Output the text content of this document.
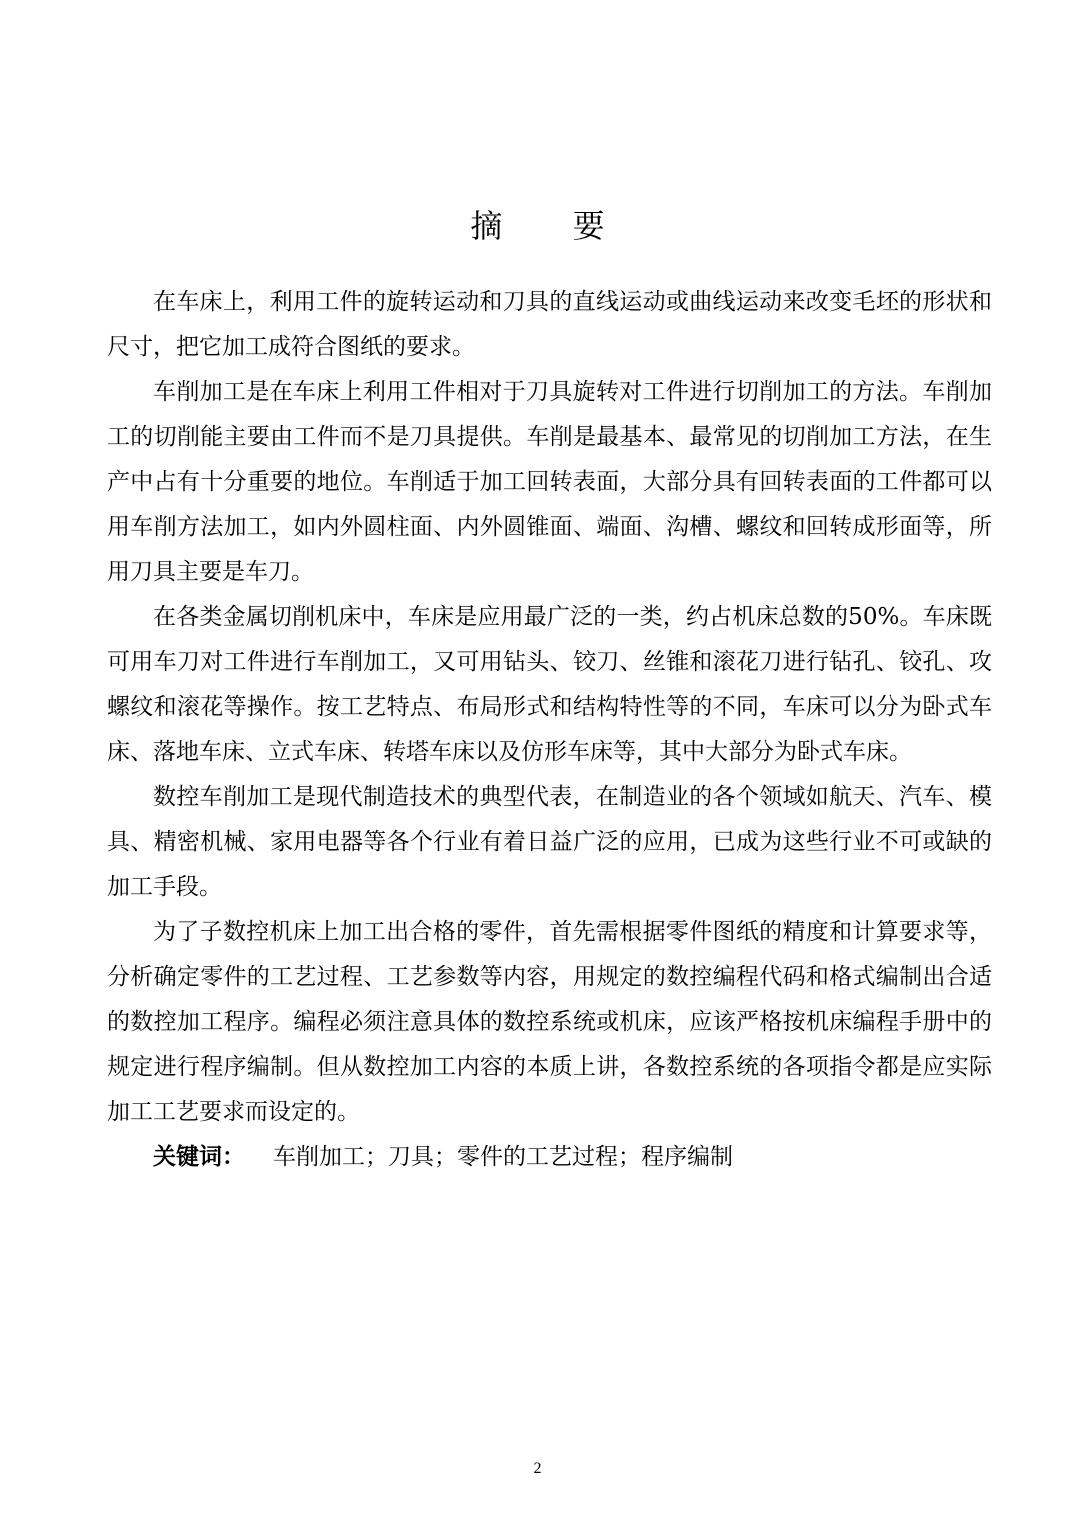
摘 要

在车床上，利用工件的旋转运动和刀具的直线运动或曲线运动来改变毛坯的形状和尺寸，把它加工成符合图纸的要求。

车削加工是在车床上利用工件相对于刀具旋转对工件进行切削加工的方法。车削加工的切削能主要由工件而不是刀具提供。车削是最基本、最常见的切削加工方法，在生产中占有十分重要的地位。车削适于加工回转表面，大部分具有回转表面的工件都可以用车削方法加工，如内外圆柱面、内外圆锥面、端面、沟槽、螺纹和回转成形面等，所用刀具主要是车刀。

在各类金属切削机床中，车床是应用最广泛的一类，约占机床总数的50%。车床既可用车刀对工件进行车削加工，又可用钻头、铰刀、丝锥和滚花刀进行钻孔、铰孔、攻螺纹和滚花等操作。按工艺特点、布局形式和结构特性等的不同，车床可以分为卧式车床、落地车床、立式车床、转塔车床以及仿形车床等，其中大部分为卧式车床。

数控车削加工是现代制造技术的典型代表，在制造业的各个领域如航天、汽车、模具、精密机械、家用电器等各个行业有着日益广泛的应用，已成为这些行业不可或缺的加工手段。

为了子数控机床上加工出合格的零件，首先需根据零件图纸的精度和计算要求等，分析确定零件的工艺过程、工艺参数等内容，用规定的数控编程代码和格式编制出合适的数控加工程序。编程必须注意具体的数控系统或机床，应该严格按机床编程手册中的规定进行程序编制。但从数控加工内容的本质上讲，各数控系统的各项指令都是应实际加工工艺要求而设定的。

关键词： 车削加工；刀具；零件的工艺过程；程序编制

2
